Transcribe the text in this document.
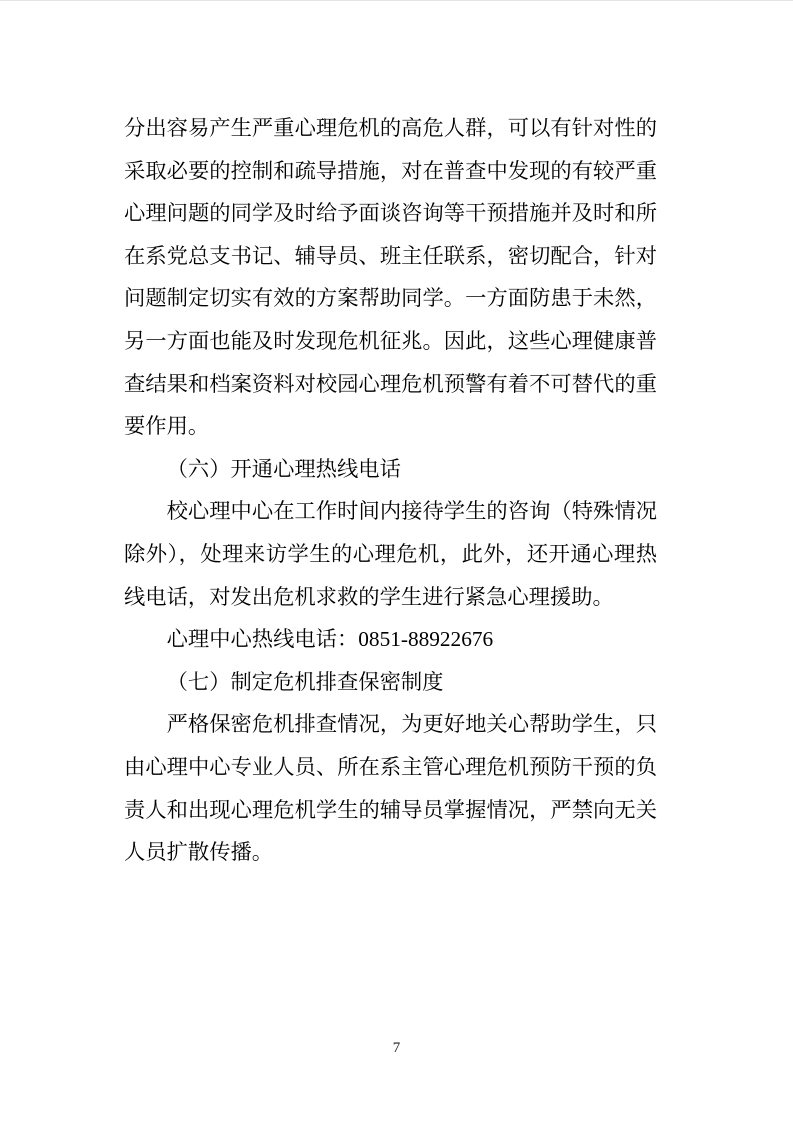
分出容易产生严重心理危机的高危人群，可以有针对性的采取必要的控制和疏导措施，对在普查中发现的有较严重心理问题的同学及时给予面谈咨询等干预措施并及时和所在系党总支书记、辅导员、班主任联系，密切配合，针对问题制定切实有效的方案帮助同学。一方面防患于未然，另一方面也能及时发现危机征兆。因此，这些心理健康普查结果和档案资料对校园心理危机预警有着不可替代的重要作用。

（六）开通心理热线电话

校心理中心在工作时间内接待学生的咨询（特殊情况除外），处理来访学生的心理危机，此外，还开通心理热线电话，对发出危机求救的学生进行紧急心理援助。

心理中心热线电话：0851-88922676

（七）制定危机排查保密制度

严格保密危机排查情况，为更好地关心帮助学生，只由心理中心专业人员、所在系主管心理危机预防干预的负责人和出现心理危机学生的辅导员掌握情况，严禁向无关人员扩散传播。

7
